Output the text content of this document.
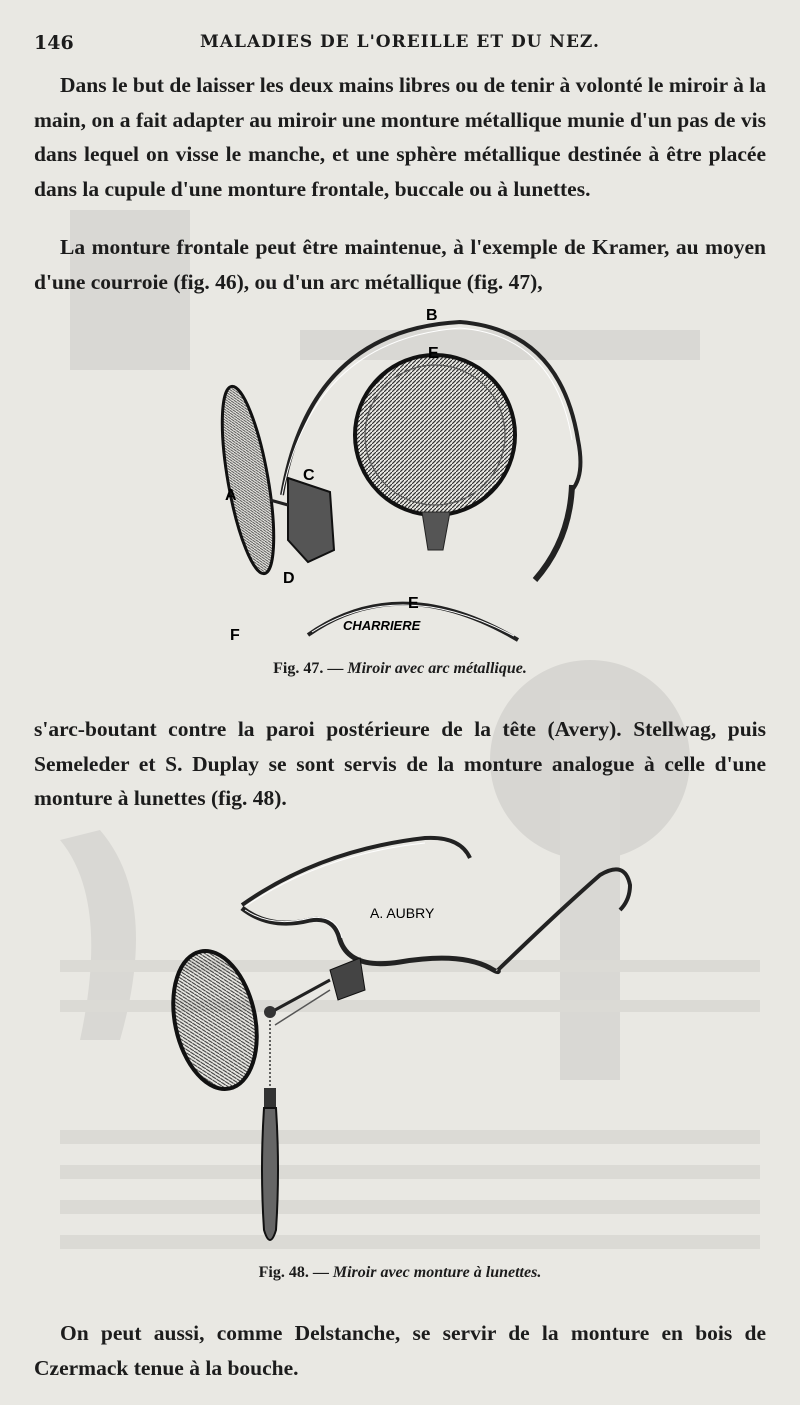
146	MALADIES DE L'OREILLE ET DU NEZ.

Dans le but de laisser les deux mains libres ou de tenir à volonté le miroir à la main, on a fait adapter au miroir une monture métallique munie d'un pas de vis dans lequel on visse le manche, et une sphère métallique destinée à être placée dans la cupule d'une monture frontale, buccale ou à lunettes.

La monture frontale peut être maintenue, à l'exemple de Kramer, au moyen d'une courroie (fig. 46), ou d'un arc métallique (fig. 47),

B
E
C
A
D
E
F
CHARRIERE
Fig. 47. — Miroir avec arc métallique.

s'arc-boutant contre la paroi postérieure de la tête (Avery). Stellwag, puis Semeleder et S. Duplay se sont servis de la monture analogue à celle d'une monture à lunettes (fig. 48).

A. AUBRY
Fig. 48. — Miroir avec monture à lunettes.

On peut aussi, comme Delstanche, se servir de la monture en bois de Czermack tenue à la bouche.
